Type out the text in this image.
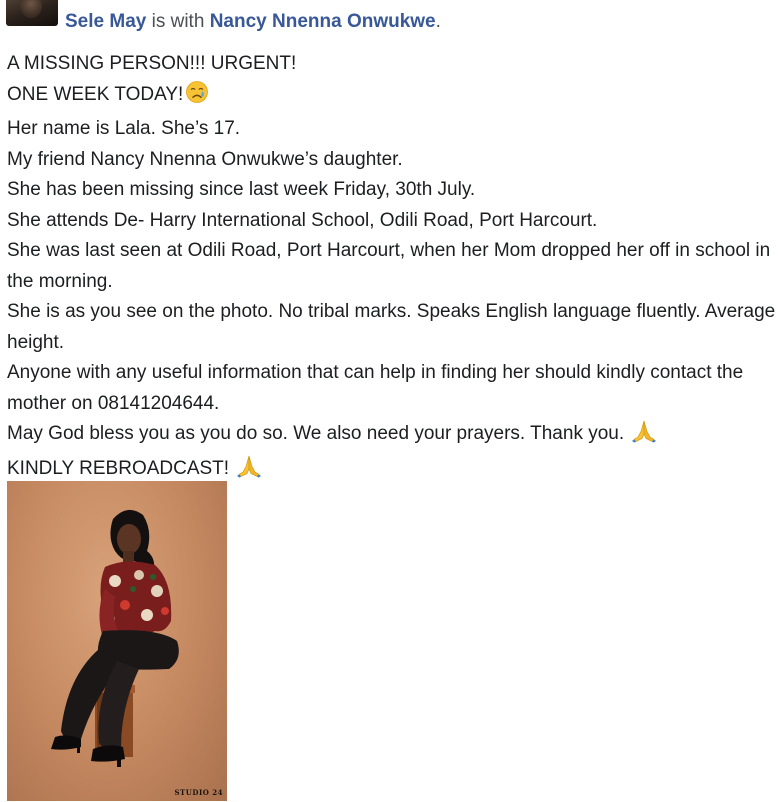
Sele May is with Nancy Nnenna Onwukwe.

A MISSING PERSON!!! URGENT!

ONE WEEK TODAY!

Her name is Lala. She’s 17.

My friend Nancy Nnenna Onwukwe’s daughter.

She has been missing since last week Friday, 30th July.

She attends De- Harry International School, Odili Road, Port Harcourt.

She was last seen at Odili Road, Port Harcourt, when her Mom dropped her off in school in the morning.

She is as you see on the photo. No tribal marks. Speaks English language fluently. Average height.

Anyone with any useful information that can help in finding her should kindly contact the mother on 08141204644.

May God bless you as you do so. We also need your prayers. Thank you.

KINDLY REBROADCAST!

STUDIO 24
